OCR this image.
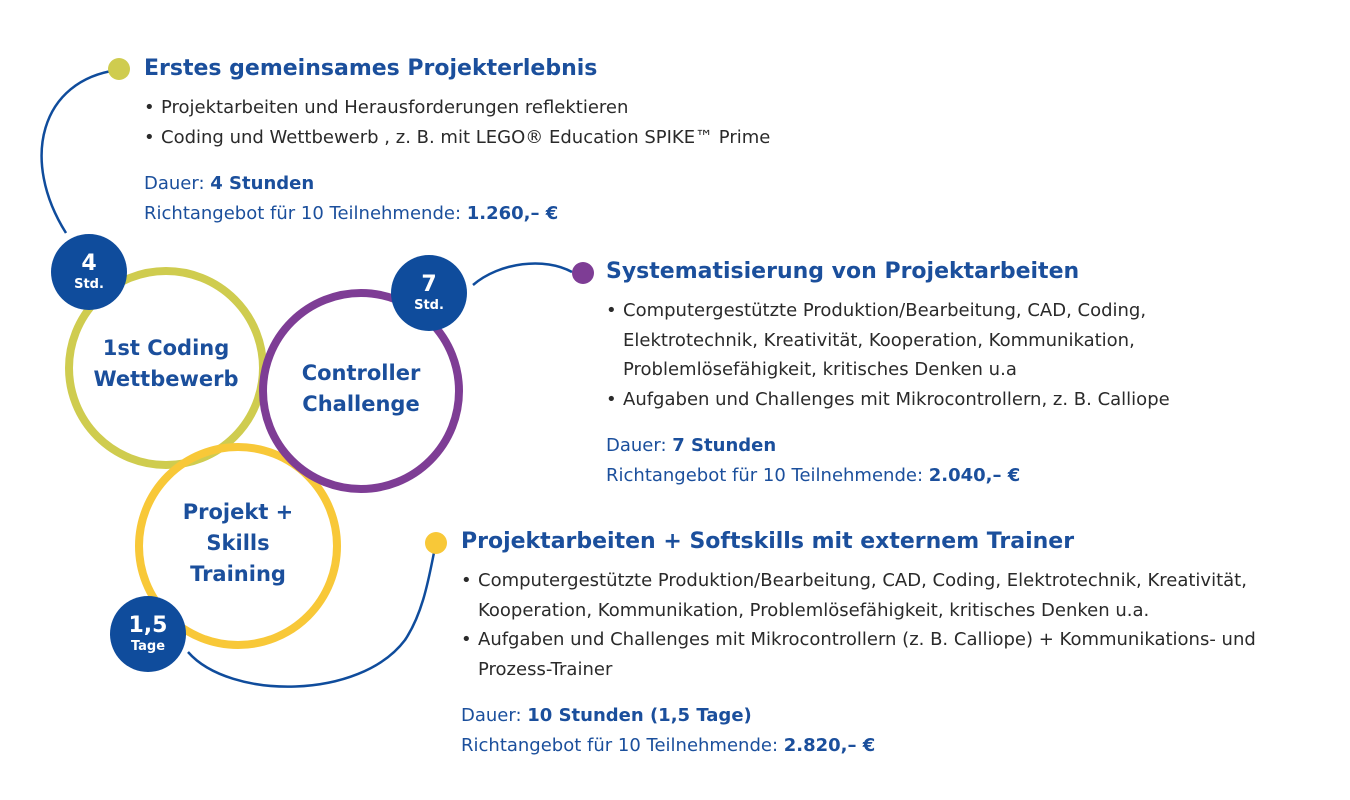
1st Coding
Wettbewerb	Controller
Challenge
Projekt +
Skills
Training
4
Std.	7
Std.
1,5
Tage
Erstes gemeinsames Projekterlebnis
• Projektarbeiten und Herausforderungen reflektieren
• Coding und Wettbewerb , z. B. mit LEGO® Education SPIKE™ Prime
Dauer: 4 Stunden
Richtangebot für 10 Teilnehmende: 1.260,– €
Systematisierung von Projektarbeiten
• Computergestützte Produktion/Bearbeitung, CAD, Coding,
Elektrotechnik, Kreativität, Kooperation, Kommunikation,
Problemlösefähigkeit, kritisches Denken u.a
• Aufgaben und Challenges mit Mikrocontrollern, z. B. Calliope
Dauer: 7 Stunden
Richtangebot für 10 Teilnehmende: 2.040,– €
Projektarbeiten + Softskills mit externem Trainer
• Computergestützte Produktion/Bearbeitung, CAD, Coding, Elektrotechnik, Kreativität,
Kooperation, Kommunikation, Problemlösefähigkeit, kritisches Denken u.a.
• Aufgaben und Challenges mit Mikrocontrollern (z. B. Calliope) + Kommunikations- und
Prozess-Trainer
Dauer: 10 Stunden (1,5 Tage)
Richtangebot für 10 Teilnehmende: 2.820,– €
